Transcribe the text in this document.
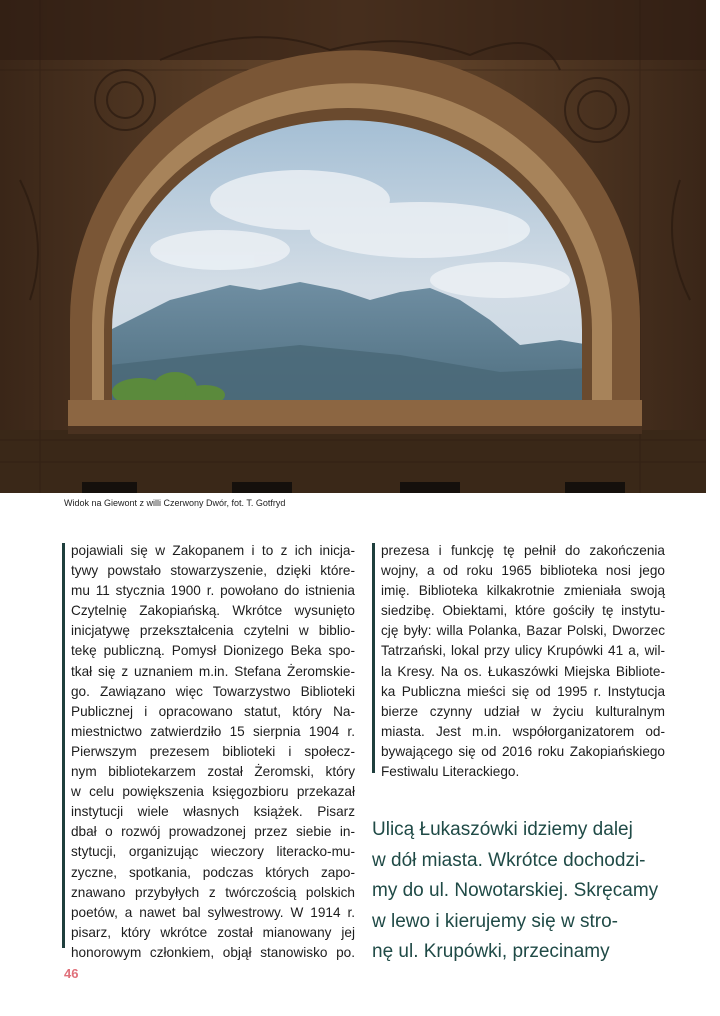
Widok na Giewont z willi Czerwony Dwór, fot. T. Gotfryd
pojawiali się w Zakopanem i to z ich inicja-
tywy powstało stowarzyszenie, dzięki które-
mu 11 stycznia 1900 r. powołano do istnienia
Czytelnię Zakopiańską. Wkrótce wysunięto
inicjatywę przekształcenia czytelni w biblio-
tekę publiczną. Pomysł Dionizego Beka spo-
tkał się z uznaniem m.in. Stefana Żeromskie-
go. Zawiązano więc Towarzystwo Biblioteki
Publicznej i opracowano statut, który Na-
miestnictwo zatwierdziło 15 sierpnia 1904 r.
Pierwszym prezesem biblioteki i społecz-
nym bibliotekarzem został Żeromski, który
w celu powiększenia księgozbioru przekazał
instytucji wiele własnych książek. Pisarz
dbał o rozwój prowadzonej przez siebie in-
stytucji, organizując wieczory literacko-mu-
zyczne, spotkania, podczas których zapo-
znawano przybyłych z twórczością polskich
poetów, a nawet bal sylwestrowy. W 1914 r.
pisarz, który wkrótce został mianowany jej
honorowym członkiem, objął stanowisko po.
prezesa i funkcję tę pełnił do zakończenia
wojny, a od roku 1965 biblioteka nosi jego
imię. Biblioteka kilkakrotnie zmieniała swoją
siedzibę. Obiektami, które gościły tę instytu-
cję były: willa Polanka, Bazar Polski, Dworzec
Tatrzański, lokal przy ulicy Krupówki 41 a, wil-
la Kresy. Na os. Łukaszówki Miejska Bibliote-
ka Publiczna mieści się od 1995 r. Instytucja
bierze czynny udział w życiu kulturalnym
miasta. Jest m.in. współorganizatorem od-
bywającego się od 2016 roku Zakopiańskiego
Festiwalu Literackiego.
Ulicą Łukaszówki idziemy dalej
w dół miasta. Wkrótce dochodzi-
my do ul. Nowotarskiej. Skręcamy
w lewo i kierujemy się w stro-
nę ul. Krupówki, przecinamy
46
